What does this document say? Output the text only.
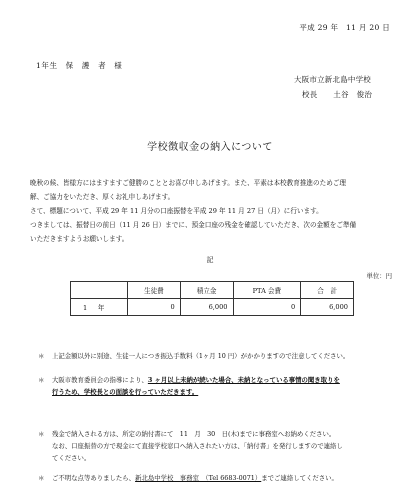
平成 29 年　11 月 20 日
1年生　保　護　者　様
大阪市立新北島中学校
校長　　土谷　俊治
学校徴収金の納入について
晩秋の候、皆様方にはますますご健勝のこととお喜び申しあげます。また、平素は本校教育推進のためご理
解、ご協力をいただき、厚くお礼申しあげます。
さて、標題について、平成 29 年 11 月分の口座振替を平成 29 年 11 月 27 日（月）に行います。
つきましては、振替日の前日（11 月 26 日）までに、預金口座の残金を確認していただき、次の金額をご準備
いただきますようお願いします。
記
単位：円
	生徒費	積立金	PTA 会費	合　計
1　年	0	6,000	0	6,000
＊ 上記金額以外に別途、生徒一人につき振込手数料（1ヶ月 10 円）がかかりますので注意してください。
＊ 大阪市教育委員会の指導により、3 ヶ月以上未納が続いた場合、未納となっている事情の聞き取りを
行うため、学校長との面談を行っていただきます。
＊ 残金で納入される方は、所定の納付書にて　11　月　30　日(木)までに事務室へお納めください。
なお、口座振替の方で現金にて直接学校窓口へ納入されたい方は、「納付書」を発行しますので連絡し
てください。
＊ ご不明な点等ありましたら、新北島中学校　事務室　（Tel 6683-0071）までご連絡してください。
